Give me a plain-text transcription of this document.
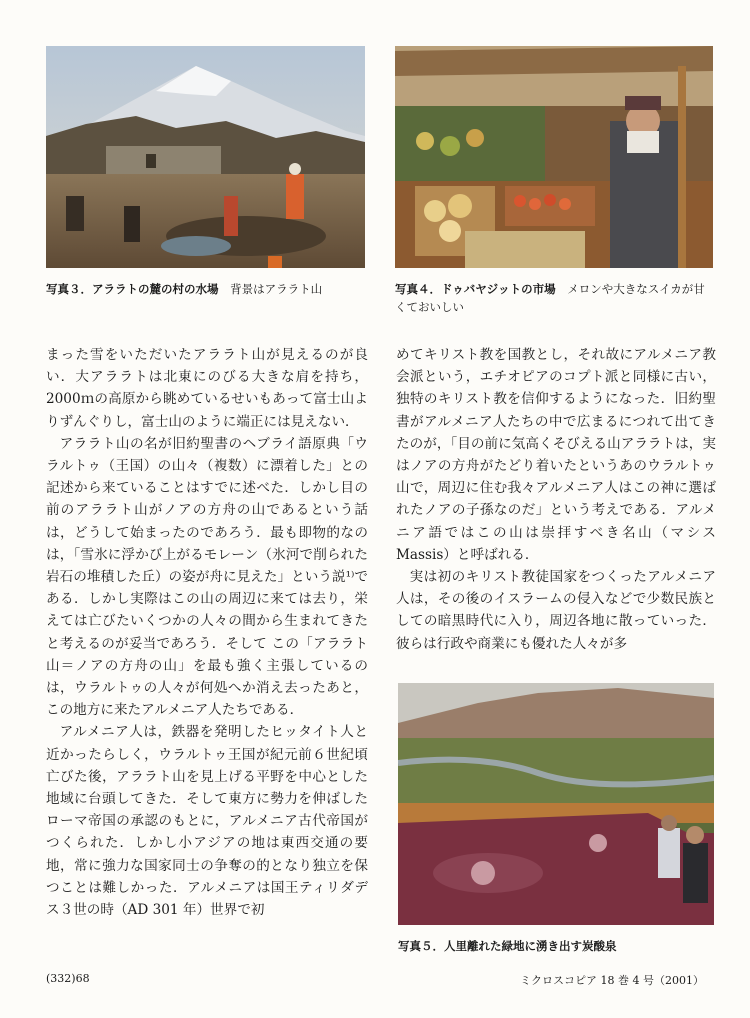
写真３．アララトの麓の村の水場 背景はアララト山	写真４．ドゥバヤジットの市場 メロンや大きなスイカが甘くておいしい

まった雪をいただいたアララト山が見えるのが良い．大アララトは北東にのびる大きな肩を持ち，2000ｍの高原から眺めているせいもあって富士山よりずんぐりし，富士山のように端正には見えない．

アララト山の名が旧約聖書のヘブライ語原典「ウラルトゥ（王国）の山々（複数）に漂着した」との記述から来ていることはすでに述べた．しかし目の前のアララト山がノアの方舟の山であるという話は，どうして始まったのであろう．最も即物的なのは，「雪氷に浮かび上がるモレーン（氷河で削られた岩石の堆積した丘）の姿が舟に見えた」という説¹⁾である．しかし実際はこの山の周辺に来ては去り，栄えては亡びたいくつかの人々の間から生まれてきたと考えるのが妥当であろう．そして この「アララト山＝ノアの方舟の山」を最も強く主張しているのは，ウラルトゥの人々が何処へか消え去ったあと，この地方に来たアルメニア人たちである．

アルメニア人は，鉄器を発明したヒッタイト人と近かったらしく，ウラルトゥ王国が紀元前６世紀頃亡びた後，アララト山を見上げる平野を中心とした地域に台頭してきた．そして東方に勢力を伸ばしたローマ帝国の承認のもとに，アルメニア古代帝国がつくられた．しかし小アジアの地は東西交通の要地，常に強力な国家同士の争奪の的となり独立を保つことは難しかった．アルメニアは国王ティリダデス３世の時（AD 301 年）世界で初

めてキリスト教を国教とし，それ故にアルメニア教会派という，エチオピアのコプト派と同様に古い，独特のキリスト教を信仰するようになった．旧約聖書がアルメニア人たちの中で広まるにつれて出てきたのが，「目の前に気高くそびえる山アララトは，実はノアの方舟がたどり着いたというあのウラルトゥ山で，周辺に住む我々アルメニア人はこの神に選ばれたノアの子孫なのだ」という考えである．アルメニア語ではこの山は崇拝すべき名山（マシス Massis）と呼ばれる．

実は初のキリスト教徒国家をつくったアルメニア人は，その後のイスラームの侵入などで少数民族としての暗黒時代に入り，周辺各地に散っていった．彼らは行政や商業にも優れた人々が多

写真５．人里離れた緑地に湧き出す炭酸泉
(332)68	ミクロスコピア 18 巻 4 号（2001）
